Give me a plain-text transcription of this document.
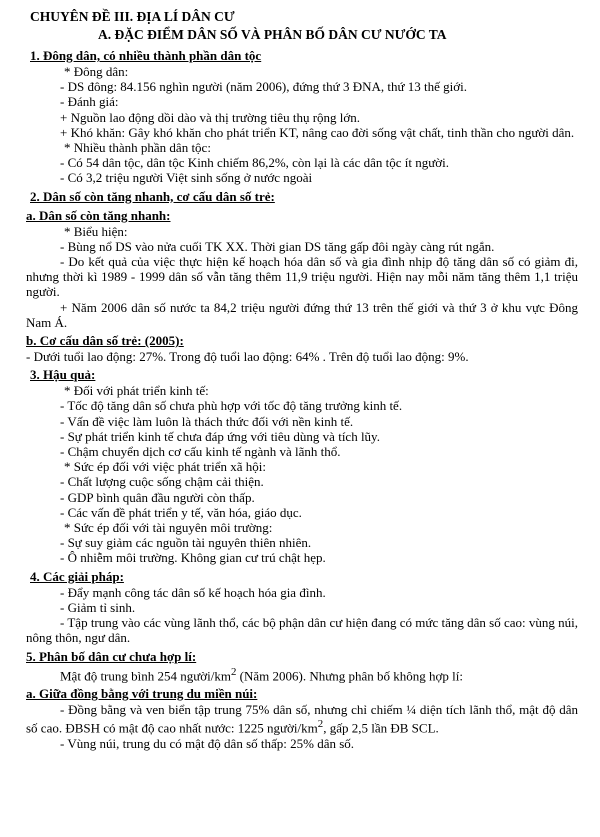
CHUYÊN ĐỀ III. ĐỊA LÍ DÂN CƯ
A. ĐẶC ĐIỂM DÂN SỐ VÀ PHÂN BỐ DÂN CƯ NƯỚC TA
1. Đông dân, có nhiều thành phần dân tộc

* Đông dân:

- DS đông: 84.156 nghìn người (năm 2006), đứng thứ 3 ĐNA, thứ 13 thế giới.

- Đánh giá:

+ Nguồn lao động dồi dào và thị trường tiêu thụ rộng lớn.

+ Khó khăn: Gây khó khăn cho phát triển KT, nâng cao đời sống vật chất, tinh thần cho người dân.

* Nhiều thành phần dân tộc:

- Có 54 dân tộc, dân tộc Kinh chiếm 86,2%, còn lại là các dân tộc ít người.

- Có 3,2 triệu người Việt sinh sống ở nước ngoài

2. Dân số còn tăng nhanh, cơ cấu dân số trẻ:
a. Dân số còn tăng nhanh:

* Biểu hiện:

- Bùng nổ DS vào nửa cuối TK XX. Thời gian DS tăng gấp đôi ngày càng rút ngắn.

- Do kết quả của việc thực hiện kế hoạch hóa dân số và gia đình nhịp độ tăng dân số có giảm đi, nhưng thời kì 1989 - 1999 dân số vẫn tăng thêm 11,9 triệu người. Hiện nay mỗi năm tăng thêm 1,1 triệu người.

+ Năm 2006 dân số nước ta 84,2 triệu người đứng thứ 13 trên thế giới và thứ 3 ở khu vực Đông Nam Á.

b. Cơ cấu dân số trẻ: (2005):

- Dưới tuổi lao động: 27%. Trong độ tuổi lao động: 64% . Trên độ tuổi lao động: 9%.

3. Hậu quả:

* Đối với phát triển kinh tế:

- Tốc độ tăng dân số chưa phù hợp với tốc độ tăng trưởng kinh tế.

- Vấn đề việc làm luôn là thách thức đối với nền kinh tế.

- Sự phát triển kinh tế chưa đáp ứng với tiêu dùng và tích lũy.

- Chậm chuyển dịch cơ cấu kinh tế ngành và lãnh thổ.

* Sức ép đối với việc phát triển xã hội:

- Chất lượng cuộc sống chậm cải thiện.

- GDP bình quân đầu người còn thấp.

- Các vấn đề phát triển y tế, văn hóa, giáo dục.

* Sức ép đối với tài nguyên môi trường:

- Sự suy giảm các nguồn tài nguyên thiên nhiên.

- Ô nhiễm môi trường. Không gian cư trú chật hẹp.

4. Các giải pháp:

- Đẩy mạnh công tác dân số kế hoạch hóa gia đình.

- Giảm tỉ sinh.

- Tập trung vào các vùng lãnh thổ, các bộ phận dân cư hiện đang có mức tăng dân số cao: vùng núi, nông thôn, ngư dân.

5. Phân bố dân cư chưa hợp lí:

Mật độ trung bình 254 người/$km^2$ (Năm 2006). Nhưng phân bố không hợp lí:

a. Giữa đồng bằng với trung du miền núi:

- Đồng bằng và ven biển tập trung 75% dân số, nhưng chỉ chiếm ¼ diện tích lãnh thổ, mật độ dân số cao. ĐBSH có mật độ cao nhất nước: 1225 người/$km^2$, gấp 2,5 lần ĐB SCL.

- Vùng núi, trung du có mật độ dân số thấp: 25% dân số.
